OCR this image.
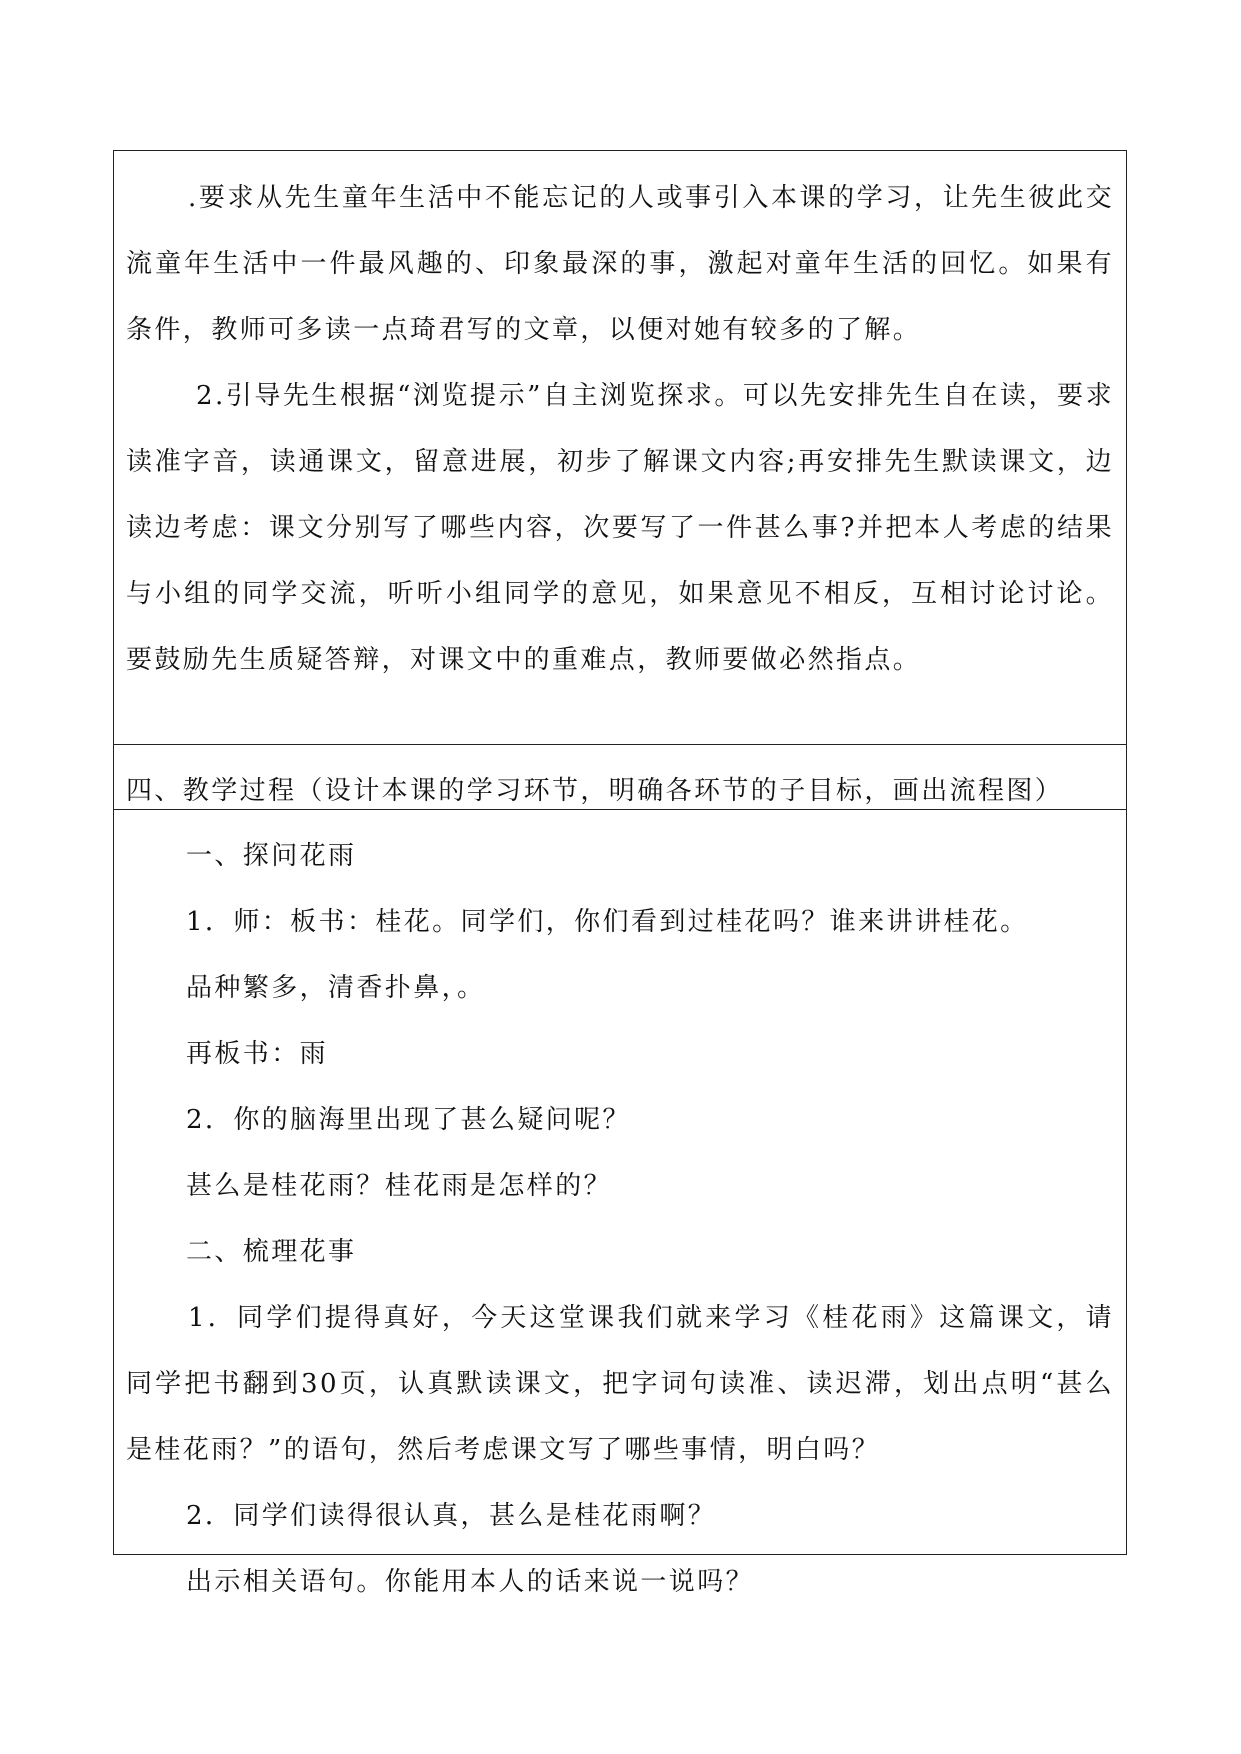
.要求从先生童年生活中不能忘记的人或事引入本课的学习，让先生彼此交流童年生活中一件最风趣的、印象最深的事，激起对童年生活的回忆。如果有条件，教师可多读一点琦君写的文章，以便对她有较多的了解。

2.引导先生根据“浏览提示”自主浏览探求。可以先安排先生自在读，要求读准字音，读通课文，留意进展，初步了解课文内容;再安排先生默读课文，边读边考虑：课文分别写了哪些内容，次要写了一件甚么事?并把本人考虑的结果与小组的同学交流，听听小组同学的意见，如果意见不相反，互相讨论讨论。要鼓励先生质疑答辩，对课文中的重难点，教师要做必然指点。

四、教学过程（设计本课的学习环节，明确各环节的子目标，画出流程图）

一、探问花雨

1．师：板书：桂花。同学们，你们看到过桂花吗？谁来讲讲桂花。

品种繁多，清香扑鼻，。

再板书：雨

2．你的脑海里出现了甚么疑问呢？

甚么是桂花雨？桂花雨是怎样的？

二、梳理花事

1．同学们提得真好，今天这堂课我们就来学习《桂花雨》这篇课文，请同学把书翻到30页，认真默读课文，把字词句读准、读迟滞，划出点明“甚么是桂花雨？”的语句，然后考虑课文写了哪些事情，明白吗？

2．同学们读得很认真，甚么是桂花雨啊？

出示相关语句。你能用本人的话来说一说吗？
